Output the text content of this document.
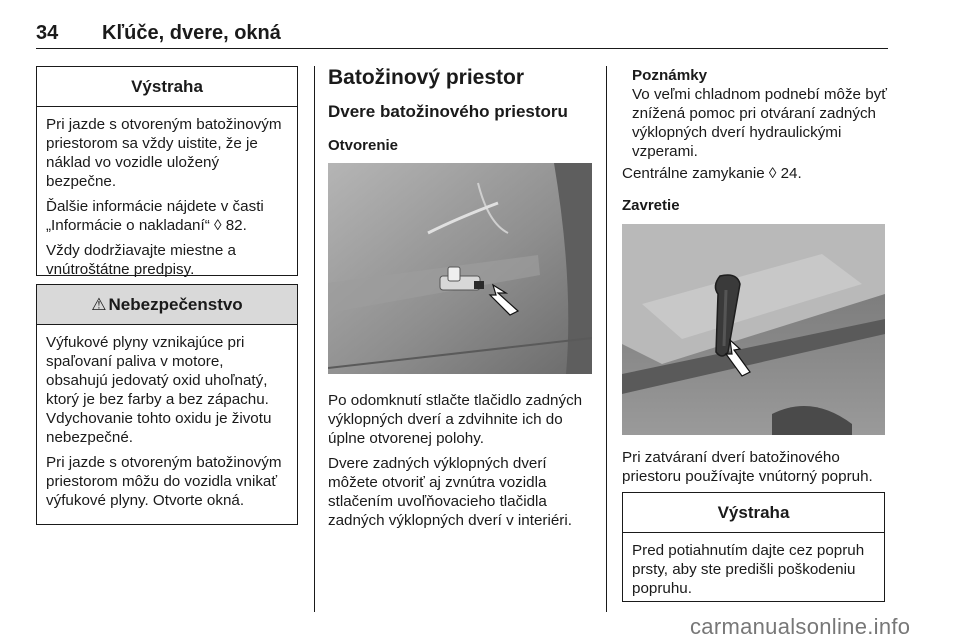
34 Kľúče, dvere, okná
Výstraha

Pri jazde s otvoreným batožinovým priestorom sa vždy uistite, že je náklad vo vozidle uložený bezpečne.

Ďalšie informácie nájdete v časti „Informácie o nakladaní“ ◊ 82.

Vždy dodržiavajte miestne a vnútroštátne predpisy.

⚠ Nebezpečenstvo

Výfukové plyny vznikajúce pri spaľovaní paliva v motore, obsahujú jedovatý oxid uhoľnatý, ktorý je bez farby a bez zápachu. Vdychovanie tohto oxidu je životu nebezpečné.

Pri jazde s otvoreným batožinovým priestorom môžu do vozidla vnikať výfukové plyny. Otvorte okná.

Batožinový priestor
Dvere batožinového priestoru
Otvorenie

Po odomknutí stlačte tlačidlo zadných výklopných dverí a zdvihnite ich do úplne otvorenej polohy.

Dvere zadných výklopných dverí môžete otvoriť aj zvnútra vozidla stlačením uvoľňovacieho tlačidla zadných výklopných dverí v interiéri.

Poznámky
Vo veľmi chladnom podnebí môže byť znížená pomoc pri otváraní zadných výklopných dverí hydraulickými vzperami.
Centrálne zamykanie ◊ 24.
Zavretie
Pri zatváraní dverí batožinového priestoru používajte vnútorný popruh.
Výstraha

Pred potiahnutím dajte cez popruh prsty, aby ste predišli poškodeniu popruhu.

carmanualsonline.info
